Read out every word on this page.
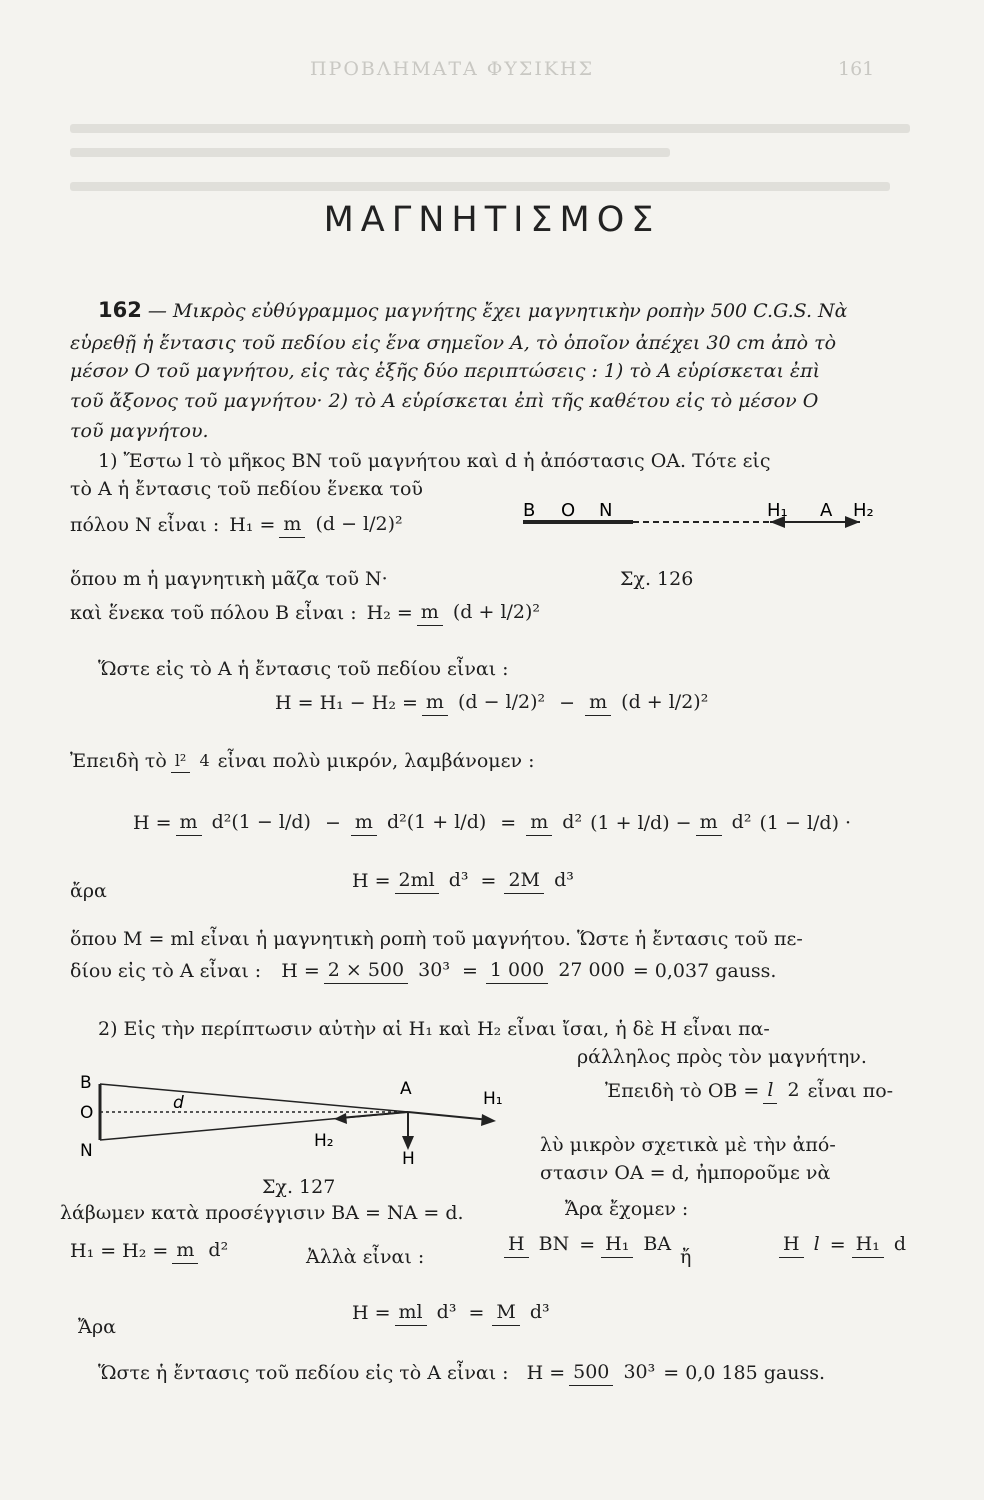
ΠΡΟΒΛΗΜΑΤΑ ΦΥΣΙΚΗΣ	161
ΜΑΓΝΗΤΙΣΜΟΣ
162 — Μικρὸς εὐθύγραμμος μαγνήτης ἔχει μαγνητικὴν ροπὴν 500 C.G.S. Νὰ
εὑρεθῇ ἡ ἔντασις τοῦ πεδίου εἰς ἕνα σημεῖον Α, τὸ ὁποῖον ἀπέχει 30 cm ἀπὸ τὸ
μέσον Ο τοῦ μαγνήτου, εἰς τὰς ἑξῆς δύο περιπτώσεις : 1) τὸ Α εὑρίσκεται ἐπὶ
τοῦ ἄξονος τοῦ μαγνήτου· 2) τὸ Α εὑρίσκεται ἐπὶ τῆς καθέτου εἰς τὸ μέσον Ο
τοῦ μαγνήτου.
1) Ἔστω l τὸ μῆκος ΒΝ τοῦ μαγνήτου καὶ d ἡ ἀπόστασις ΟΑ. Τότε εἰς
τὸ Α ἡ ἔντασις τοῦ πεδίου ἕνεκα τοῦ
πόλου Ν εἶναι : H₁ = m (d − l/2)²
ὅπου m ἡ μαγνητικὴ μᾶζα τοῦ Ν·	Σχ. 126
B O N	H₁ A H₂
καὶ ἕνεκα τοῦ πόλου Β εἶναι : H₂ = m (d + l/2)²
Ὥστε εἰς τὸ Α ἡ ἔντασις τοῦ πεδίου εἶναι :
H = H₁ − H₂ = m (d − l/2)² − m (d + l/2)²
Ἐπειδὴ τὸ l² 4 εἶναι πολὺ μικρόν, λαμβάνομεν :
H = m d²(1 − l/d) − m d²(1 + l/d) = m d² (1 + l/d) − m d² (1 − l/d) ·
ἄρα	H = 2ml d³ = 2M d³
ὅπου M = ml εἶναι ἡ μαγνητικὴ ροπὴ τοῦ μαγνήτου. Ὥστε ἡ ἔντασις τοῦ πε-
δίου εἰς τὸ Α εἶναι : H = 2 × 500 30³ = 1 000 27 000 = 0,037 gauss.
2) Εἰς τὴν περίπτωσιν αὐτὴν αἱ H₁ καὶ H₂ εἶναι ἴσαι, ἡ δὲ H εἶναι πα-
ράλληλος πρὸς τὸν μαγνήτην.
B
O
N
d
A	H₁
H₂
H
Σχ. 127
Ἐπειδὴ τὸ OB = l 2 εἶναι πο-
λὺ μικρὸν σχετικὰ μὲ τὴν ἀπό-
στασιν ΟΑ = d, ἠμποροῦμε νὰ
λάβωμεν κατὰ προσέγγισιν ΒΑ = ΝΑ = d.	Ἄρα ἔχομεν :
H₁ = H₂ = m d²	Ἀλλὰ εἶναι :
H BN = H₁ BA
ἤ
H l = H₁ d
Ἄρα
H = ml d³ = M d³
Ὥστε ἡ ἔντασις τοῦ πεδίου εἰς τὸ Α εἶναι : H = 500 30³ = 0,0 185 gauss.
